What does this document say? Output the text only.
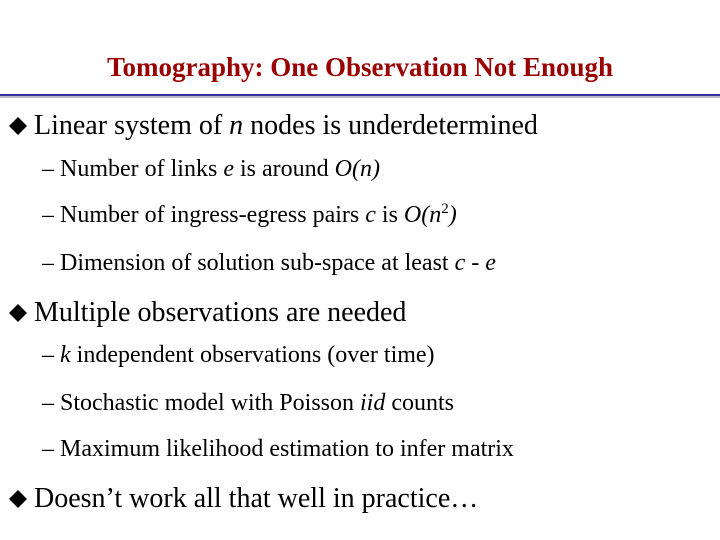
Tomography: One Observation Not Enough
Linear system of n nodes is underdetermined
– Number of links e is around O(n)
– Number of ingress-egress pairs c is $O(n^2)$
– Dimension of solution sub-space at least c - e
Multiple observations are needed
– k independent observations (over time)
– Stochastic model with Poisson iid counts
– Maximum likelihood estimation to infer matrix
Doesn’t work all that well in practice…
